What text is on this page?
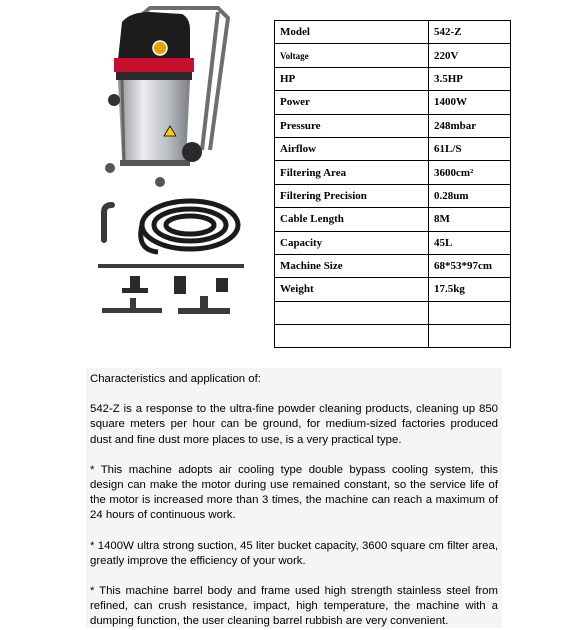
Model	542-Z
Voltage	220V
HP	3.5HP
Power	1400W
Pressure	248mbar
Airflow	61L/S
Filtering Area	3600cm²
Filtering Precision	0.28um
Cable Length	8M
Capacity	45L
Machine Size	68*53*97cm
Weight	17.5kg

Characteristics and application of:

542-Z is a response to the ultra-fine powder cleaning products, cleaning up 850 square meters per hour can be ground, for medium-sized factories produced dust and fine dust more places to use, is a very practical type.

* This machine adopts air cooling type double bypass cooling system, this design can make the motor during use remained constant, so the service life of the motor is increased more than 3 times, the machine can reach a maximum of 24 hours of continuous work.

* 1400W ultra strong suction, 45 liter bucket capacity, 3600 square cm filter area, greatly improve the efficiency of your work.

* This machine barrel body and frame used high strength stainless steel from refined, can crush resistance, impact, high temperature, the machine with a dumping function, the user cleaning barrel rubbish are very convenient.
